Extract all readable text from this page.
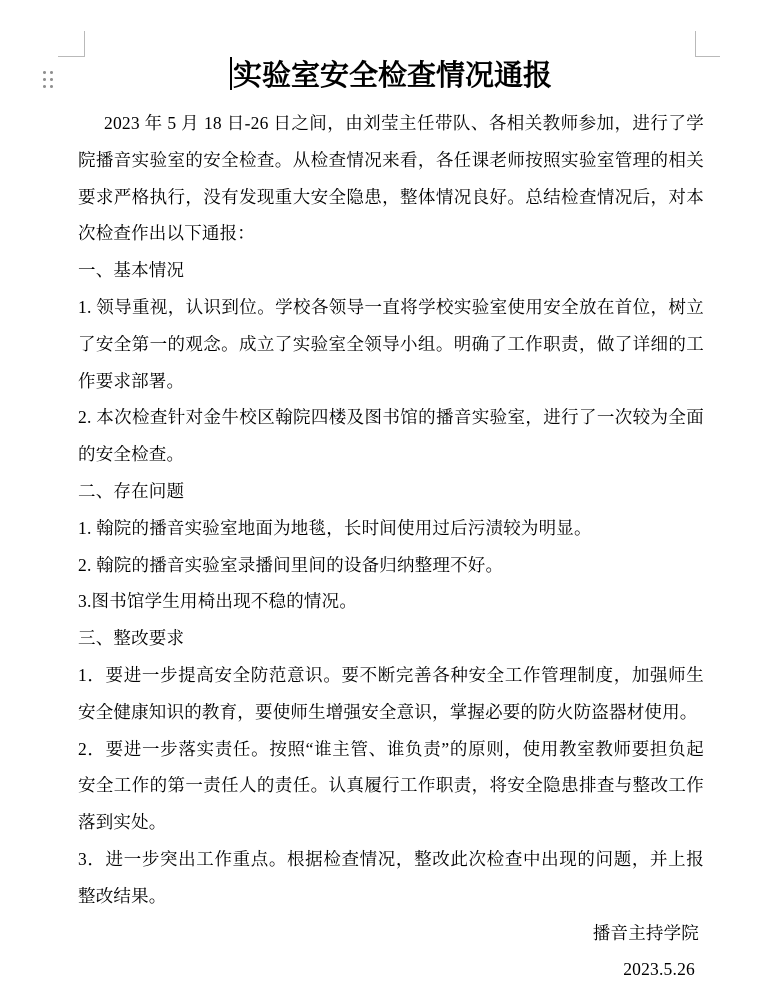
实验室安全检查情况通报

2023 年 5 月 18 日-26 日之间，由刘莹主任带队、各相关教师参加，进行了学院播音实验室的安全检查。从检查情况来看，各任课老师按照实验室管理的相关要求严格执行，没有发现重大安全隐患，整体情况良好。总结检查情况后，对本次检查作出以下通报：

一、基本情况

1. 领导重视，认识到位。学校各领导一直将学校实验室使用安全放在首位，树立了安全第一的观念。成立了实验室全领导小组。明确了工作职责，做了详细的工作要求部署。

2. 本次检查针对金牛校区翰院四楼及图书馆的播音实验室，进行了一次较为全面的安全检查。

二、存在问题

1. 翰院的播音实验室地面为地毯，长时间使用过后污渍较为明显。

2. 翰院的播音实验室录播间里间的设备归纳整理不好。

3.图书馆学生用椅出现不稳的情况。

三、整改要求

1．要进一步提高安全防范意识。要不断完善各种安全工作管理制度，加强师生安全健康知识的教育，要使师生增强安全意识，掌握必要的防火防盗器材使用。

2．要进一步落实责任。按照“谁主管、谁负责”的原则，使用教室教师要担负起安全工作的第一责任人的责任。认真履行工作职责，将安全隐患排查与整改工作落到实处。

3．进一步突出工作重点。根据检查情况，整改此次检查中出现的问题，并上报整改结果。

播音主持学院

2023.5.26
